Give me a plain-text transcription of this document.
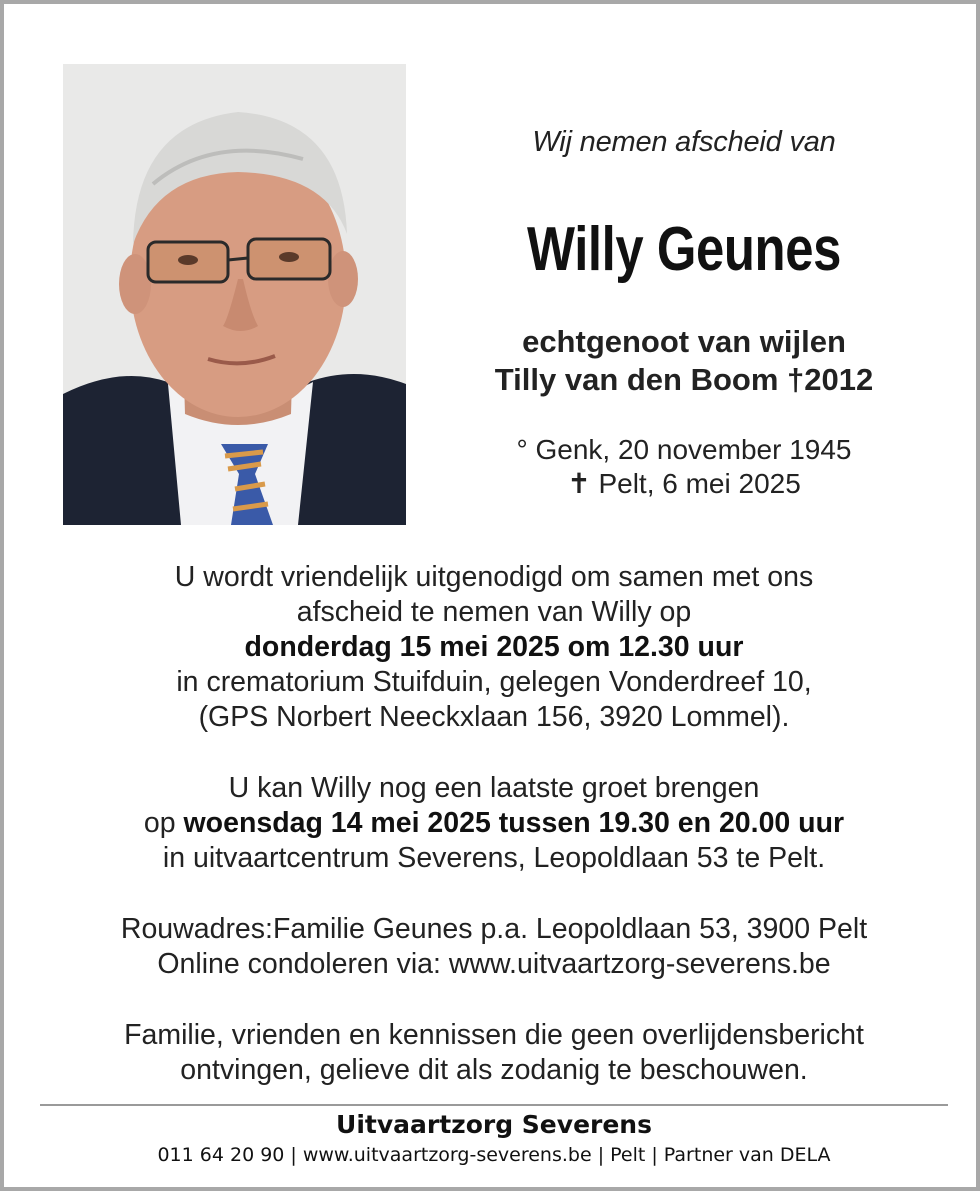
Wij nemen afscheid van
Willy Geunes
echtgenoot van wijlen
Tilly van den Boom †2012
° Genk, 20 november 1945
✝ Pelt, 6 mei 2025
U wordt vriendelijk uitgenodigd om samen met ons
afscheid te nemen van Willy op
donderdag 15 mei 2025 om 12.30 uur
in crematorium Stuifduin, gelegen Vonderdreef 10,
(GPS Norbert Neeckxlaan 156, 3920 Lommel).
U kan Willy nog een laatste groet brengen
op woensdag 14 mei 2025 tussen 19.30 en 20.00 uur
in uitvaartcentrum Severens, Leopoldlaan 53 te Pelt.
Rouwadres:Familie Geunes p.a. Leopoldlaan 53, 3900 Pelt
Online condoleren via: www.uitvaartzorg-severens.be
Familie, vrienden en kennissen die geen overlijdensbericht
ontvingen, gelieve dit als zodanig te beschouwen.
Uitvaartzorg Severens
011 64 20 90 | www.uitvaartzorg-severens.be | Pelt | Partner van DELA
